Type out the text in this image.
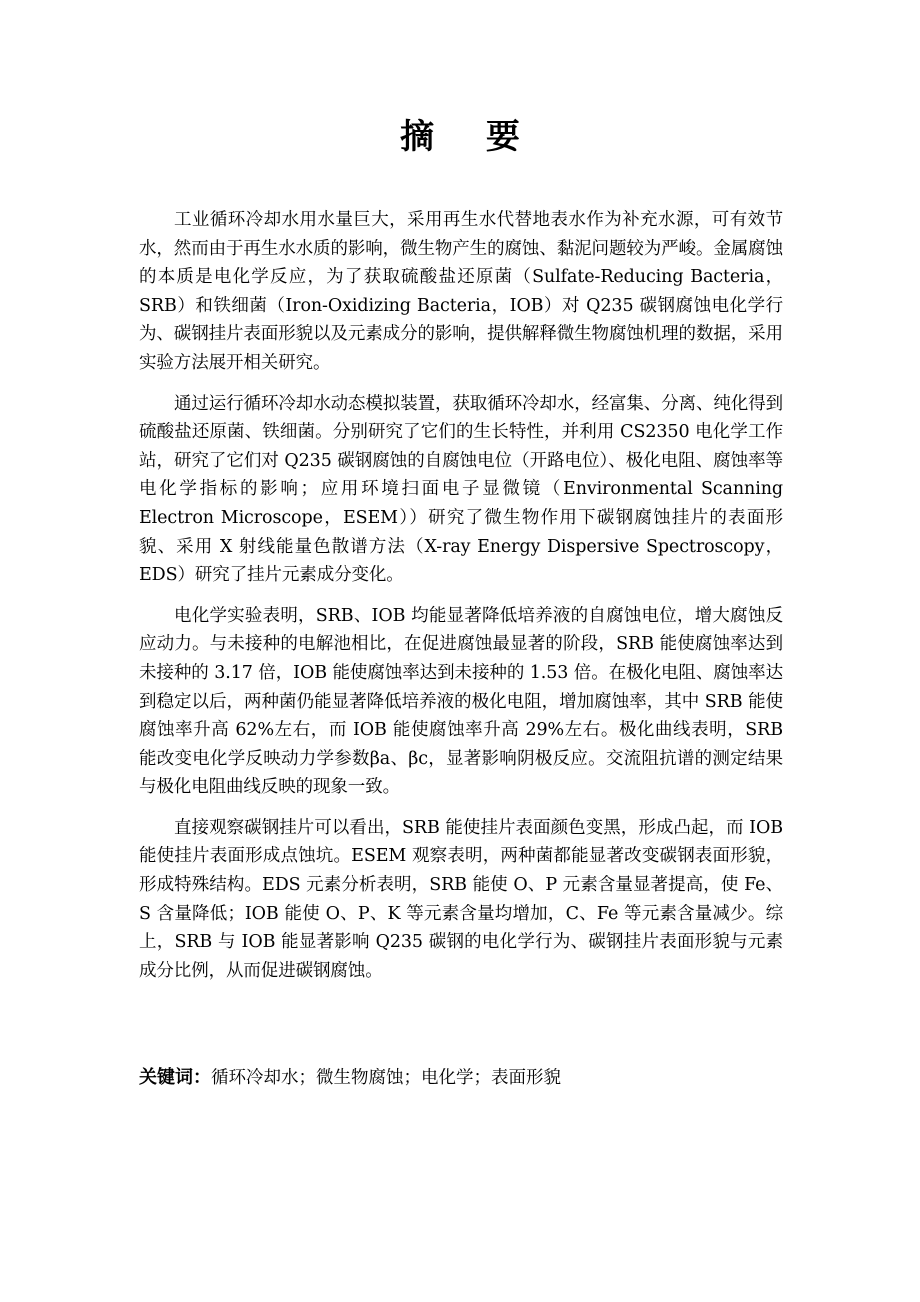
摘 要

工业循环冷却水用水量巨大，采用再生水代替地表水作为补充水源，可有效节水，然而由于再生水水质的影响，微生物产生的腐蚀、黏泥问题较为严峻。金属腐蚀的本质是电化学反应，为了获取硫酸盐还原菌（Sulfate-Reducing Bacteria，SRB）和铁细菌（Iron-Oxidizing Bacteria，IOB）对 Q235 碳钢腐蚀电化学行为、碳钢挂片表面形貌以及元素成分的影响，提供解释微生物腐蚀机理的数据，采用实验方法展开相关研究。

通过运行循环冷却水动态模拟装置，获取循环冷却水，经富集、分离、纯化得到硫酸盐还原菌、铁细菌。分别研究了它们的生长特性，并利用 CS2350 电化学工作站，研究了它们对 Q235 碳钢腐蚀的自腐蚀电位（开路电位）、极化电阻、腐蚀率等电化学指标的影响；应用环境扫面电子显微镜（Environmental Scanning Electron Microscope，ESEM））研究了微生物作用下碳钢腐蚀挂片的表面形貌、采用 X 射线能量色散谱方法（X-ray Energy Dispersive Spectroscopy，EDS）研究了挂片元素成分变化。

电化学实验表明，SRB、IOB 均能显著降低培养液的自腐蚀电位，增大腐蚀反应动力。与未接种的电解池相比，在促进腐蚀最显著的阶段，SRB 能使腐蚀率达到未接种的 3.17 倍，IOB 能使腐蚀率达到未接种的 1.53 倍。在极化电阻、腐蚀率达到稳定以后，两种菌仍能显著降低培养液的极化电阻，增加腐蚀率，其中 SRB 能使腐蚀率升高 62%左右，而 IOB 能使腐蚀率升高 29%左右。极化曲线表明，SRB 能改变电化学反映动力学参数βa、βc，显著影响阴极反应。交流阻抗谱的测定结果与极化电阻曲线反映的现象一致。

直接观察碳钢挂片可以看出，SRB 能使挂片表面颜色变黑，形成凸起，而 IOB 能使挂片表面形成点蚀坑。ESEM 观察表明，两种菌都能显著改变碳钢表面形貌，形成特殊结构。EDS 元素分析表明，SRB 能使 O、P 元素含量显著提高，使 Fe、S 含量降低；IOB 能使 O、P、K 等元素含量均增加，C、Fe 等元素含量减少。综上，SRB 与 IOB 能显著影响 Q235 碳钢的电化学行为、碳钢挂片表面形貌与元素成分比例，从而促进碳钢腐蚀。

关键词：循环冷却水；微生物腐蚀；电化学；表面形貌
